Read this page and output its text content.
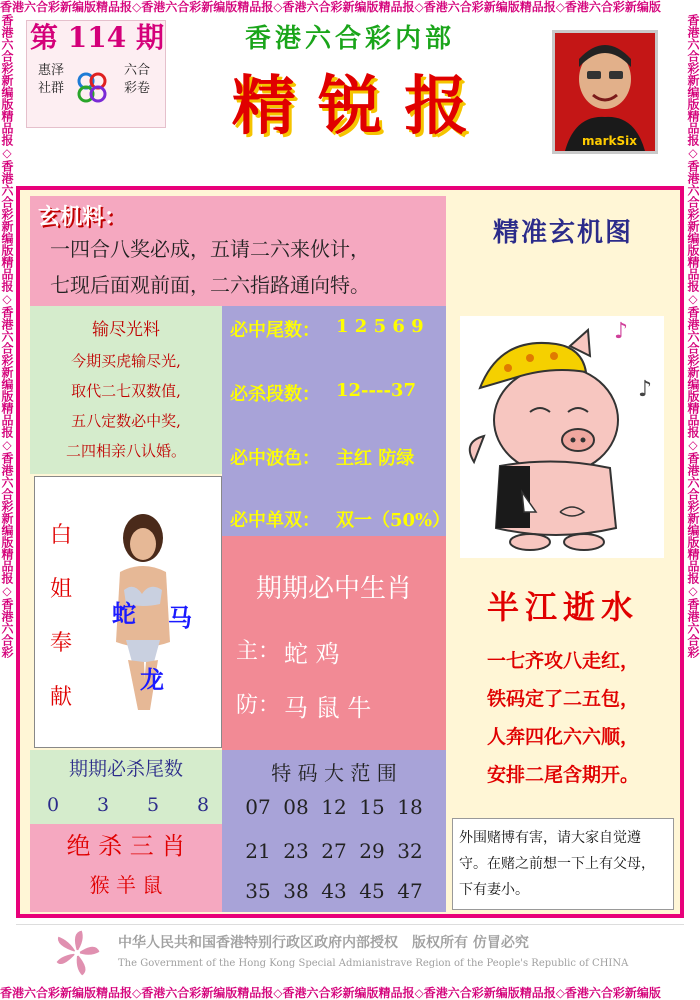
香港六合彩新编版精品报◇香港六合彩新编版精品报◇香港六合彩新编版精品报◇香港六合彩新编版精品报◇香港六合彩新编版
香港六合彩新编版精品报◇香港六合彩新编版精品报◇香港六合彩新编版精品报◇香港六合彩新编版精品报◇香港六合彩新编版
香港六合彩新编版精品报◇香港六合彩新编版精品报◇香港六合彩新编版精品报◇香港六合彩新编版精品报◇香港六合彩	香港六合彩新编版精品报◇香港六合彩新编版精品报◇香港六合彩新编版精品报◇香港六合彩新编版精品报◇香港六合彩
第 114 期
惠泽社群
六合彩卷
香港六合彩内部
精 锐 报	markSix
玄机料：
一四合八奖必成，五请二六来伙计，
七现后面观前面，二六指路通向特。
输尽光料
今期买虎输尽光,
取代二七双数值,
五八定数必中奖,
二四相亲八认婚。
必中尾数： 1 2 5 6 9
必杀段数： 12----37
必中波色： 主红 防绿
必中单双： 双一（50%）
白
姐
奉
献
蛇 马
龙
期期必中生肖
主： 蛇 鸡
防： 马 鼠 牛
期期必杀尾数
0	3	5	8
绝 杀 三 肖
猴 羊 鼠
特 码 大 范 围
07 08 12 15 18
21 23 27 29 32
35 38 43 45 47
精准玄机图
♪
♪
半江逝水
一七齐攻八走红，
铁码定了二五包，
人奔四化六六顺，
安排二尾含期开。
外围赌博有害，请大家自觉遵守。在赌之前想一下上有父母，下有妻小。
中华人民共和国香港特别行政区政府内部授权　版权所有 仿冒必究
The Government of the Hong Kong Special Admianistrave Region of the People's Republic of CHINA
